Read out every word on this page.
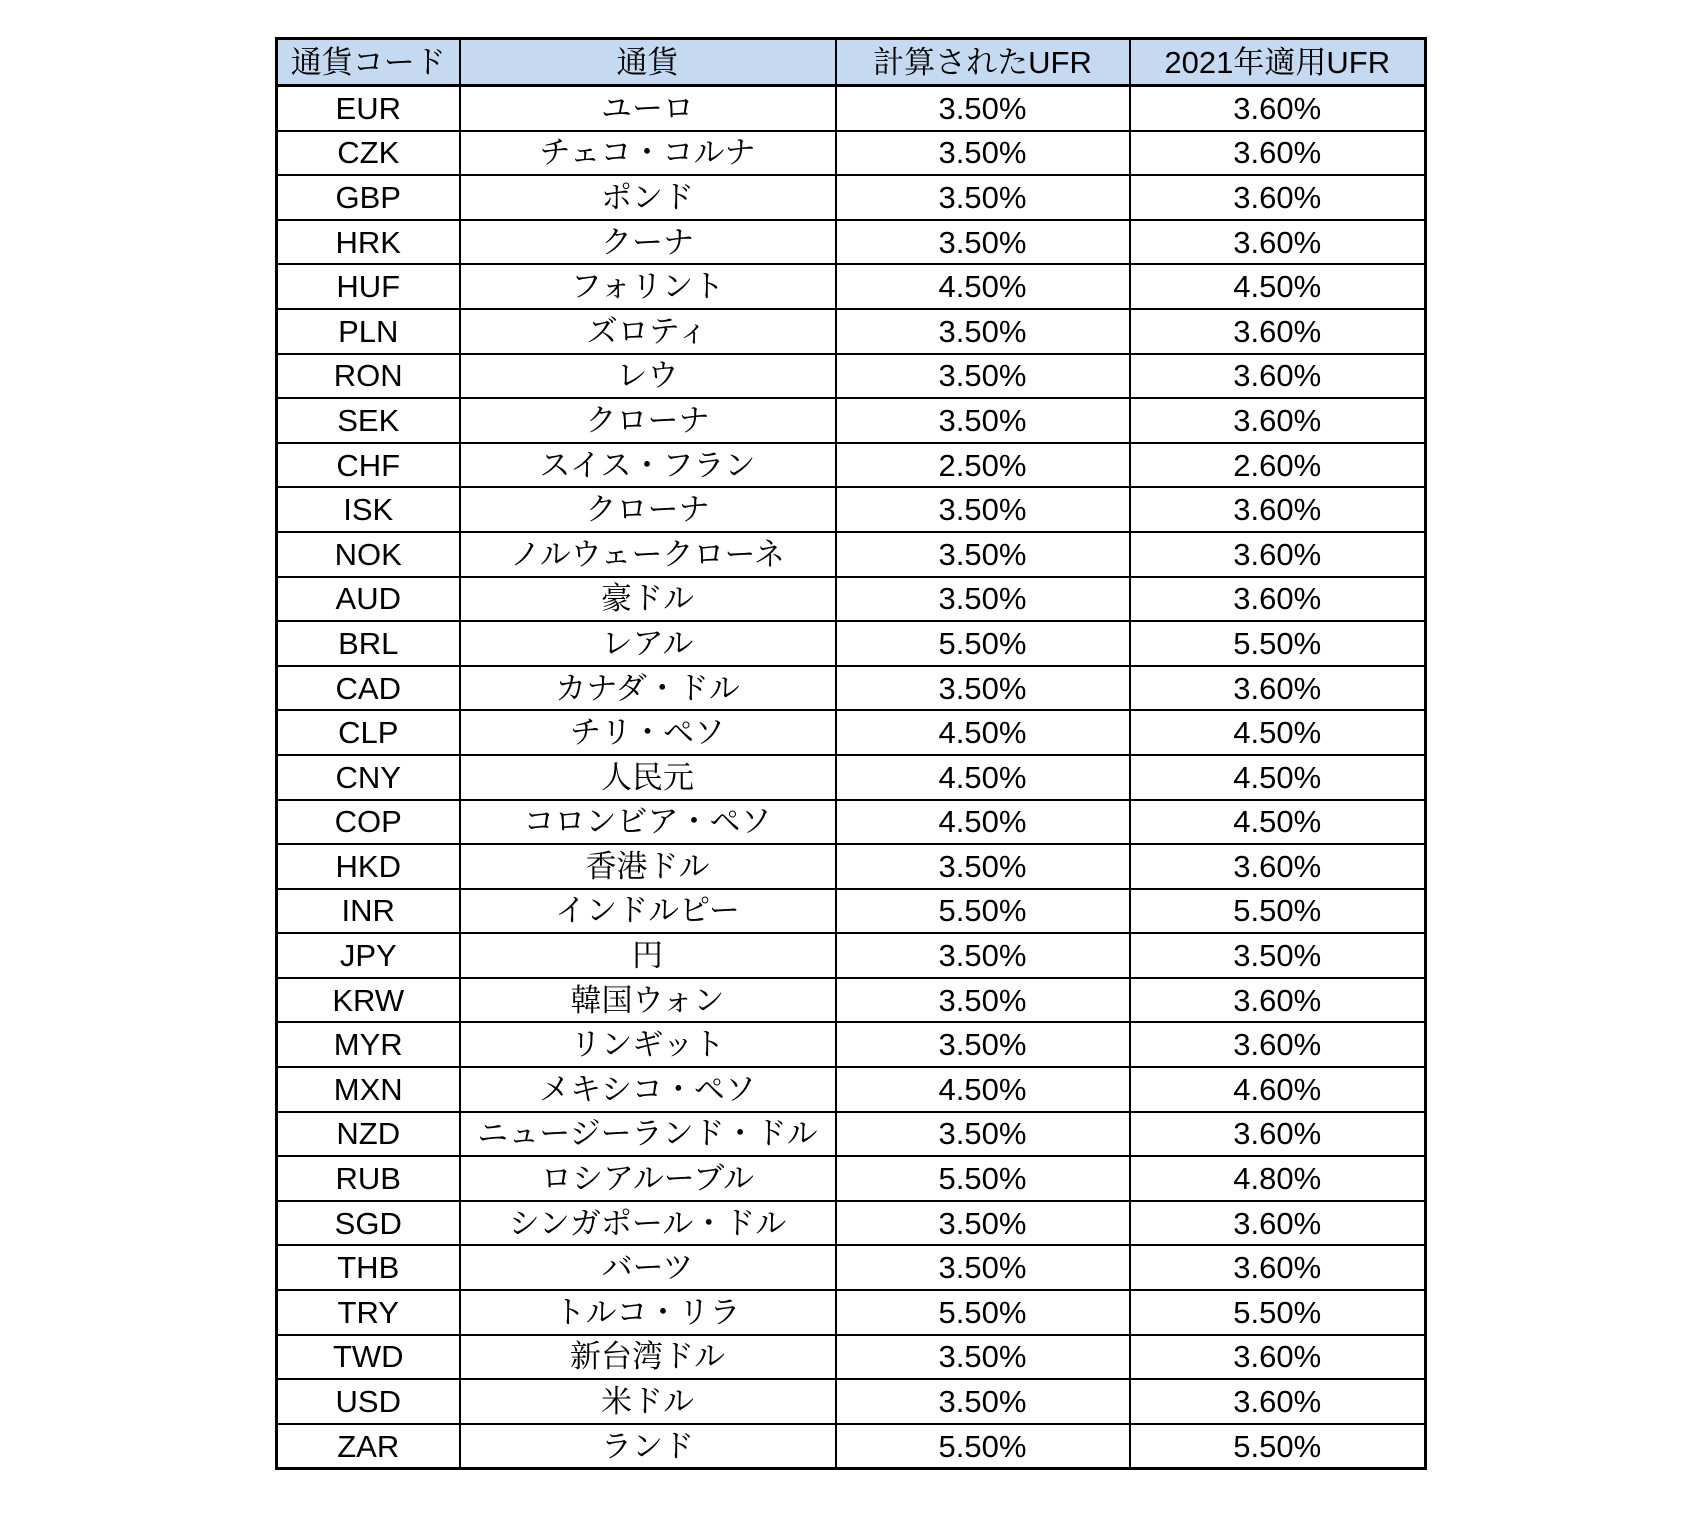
通貨コード	通貨	計算されたUFR	2021年適用UFR
EUR	ユーロ	3.50%	3.60%
CZK	チェコ・コルナ	3.50%	3.60%
GBP	ポンド	3.50%	3.60%
HRK	クーナ	3.50%	3.60%
HUF	フォリント	4.50%	4.50%
PLN	ズロティ	3.50%	3.60%
RON	レウ	3.50%	3.60%
SEK	クローナ	3.50%	3.60%
CHF	スイス・フラン	2.50%	2.60%
ISK	クローナ	3.50%	3.60%
NOK	ノルウェークローネ	3.50%	3.60%
AUD	豪ドル	3.50%	3.60%
BRL	レアル	5.50%	5.50%
CAD	カナダ・ドル	3.50%	3.60%
CLP	チリ・ペソ	4.50%	4.50%
CNY	人民元	4.50%	4.50%
COP	コロンビア・ペソ	4.50%	4.50%
HKD	香港ドル	3.50%	3.60%
INR	インドルピー	5.50%	5.50%
JPY	円	3.50%	3.50%
KRW	韓国ウォン	3.50%	3.60%
MYR	リンギット	3.50%	3.60%
MXN	メキシコ・ペソ	4.50%	4.60%
NZD	ニュージーランド・ドル	3.50%	3.60%
RUB	ロシアルーブル	5.50%	4.80%
SGD	シンガポール・ドル	3.50%	3.60%
THB	バーツ	3.50%	3.60%
TRY	トルコ・リラ	5.50%	5.50%
TWD	新台湾ドル	3.50%	3.60%
USD	米ドル	3.50%	3.60%
ZAR	ランド	5.50%	5.50%
